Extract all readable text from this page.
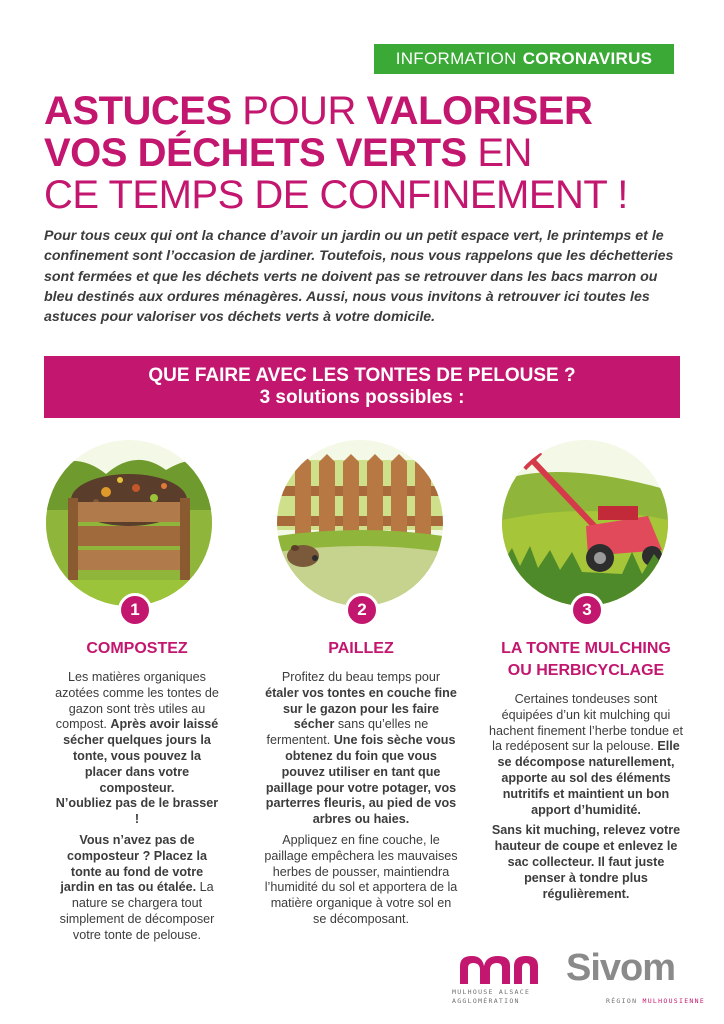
INFORMATION CORONAVIRUS
ASTUCES POUR VALORISER
VOS DÉCHETS VERTS EN
CE TEMPS DE CONFINEMENT !

Pour tous ceux qui ont la chance d’avoir un jardin ou un petit espace vert, le printemps et le confinement sont l’occasion de jardiner. Toutefois, nous vous rappelons que les déchetteries sont fermées et que les déchets verts ne doivent pas se retrouver dans les bacs marron ou bleu destinés aux ordures ménagères. Aussi, nous vous invitons à retrouver ici toutes les astuces pour valoriser vos déchets verts à votre domicile.

QUE FAIRE AVEC LES TONTES DE PELOUSE ?
3 solutions possibles :
1	2	3
COMPOSTEZ

Les matières organiques azotées comme les tontes de gazon sont très utiles au compost. Après avoir laissé sécher quelques jours la tonte, vous pouvez la placer dans votre composteur.
N’oubliez pas de le brasser !

Vous n’avez pas de composteur ? Placez la tonte au fond de votre jardin en tas ou étalée. La nature se chargera tout simplement de décomposer votre tonte de pelouse.

PAILLEZ

Profitez du beau temps pour étaler vos tontes en couche fine sur le gazon pour les faire sécher sans qu’elles ne fermentent. Une fois sèche vous obtenez du foin que vous pouvez utiliser en tant que paillage pour votre potager, vos parterres fleuris, au pied de vos arbres ou haies.

Appliquez en fine couche, le paillage empêchera les mauvaises herbes de pousser, maintiendra l’humidité du sol et apportera de la matière organique à votre sol en se décomposant.

LA TONTE MULCHING
OU HERBICYCLAGE

Certaines tondeuses sont équipées d’un kit mulching qui hachent finement l’herbe tondue et la redéposent sur la pelouse. Elle se décompose naturellement, apporte au sol des éléments nutritifs et maintient un bon apport d’humidité.

Sans kit muching, relevez votre hauteur de coupe et enlevez le sac collecteur. Il faut juste penser à tondre plus régulièrement.

MULHOUSE ALSACE
AGGLOMÉRATION
Sivom
RÉGION MULHOUSIENNE
